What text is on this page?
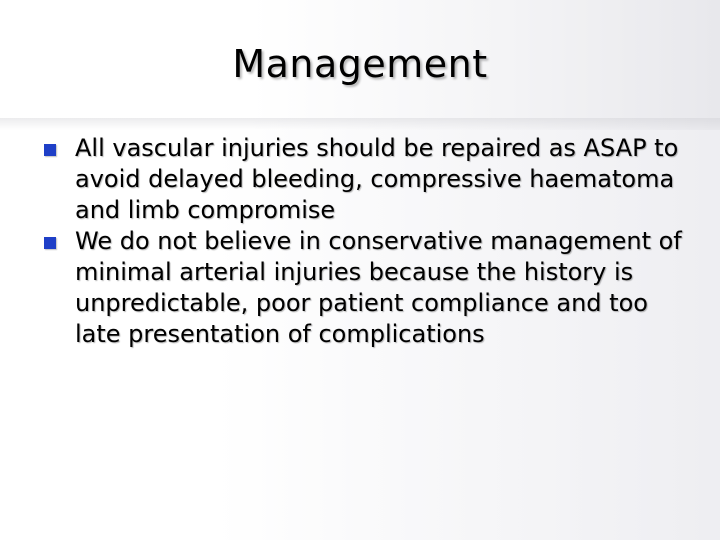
Management
All vascular injuries should be repaired as ASAP to avoid delayed bleeding, compressive haematoma and limb compromise
We do not believe in conservative management of minimal arterial injuries because the history is unpredictable, poor patient compliance and too late presentation of complications
